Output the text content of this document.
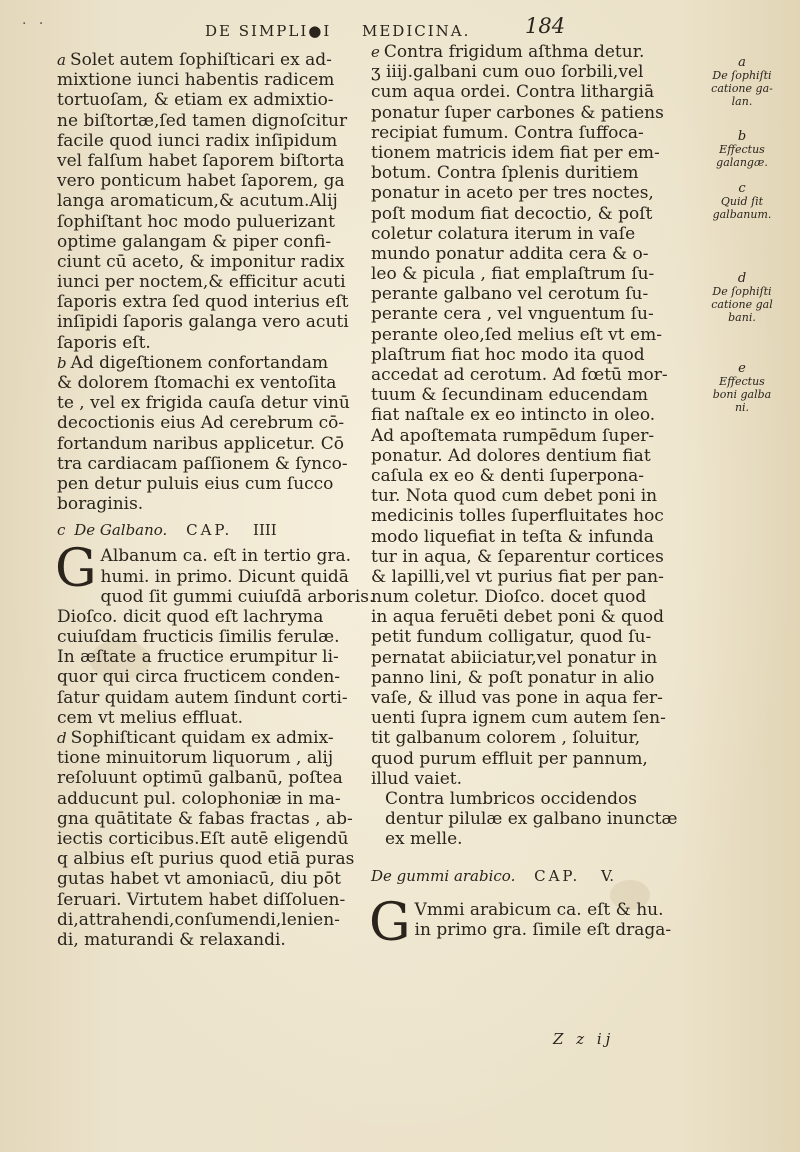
· ·	DE SIMPLI●I MEDICINA.	184

a Solet autem ſophiſticari ex ad-
mixtione iunci habentis radicem
tortuoſam, & etiam ex admixtio-
ne biſtortæ,ſed tamen dignoſcitur
facile quod iunci radix inſipidum
vel falſum habet ſaporem biſtorta
vero ponticum habet ſaporem, ga
langa aromaticum,& acutum.Alij
ſophiſtant hoc modo puluerizant
optime galangam & piper confi-
ciunt cū aceto, & imponitur radix
iunci per noctem,& efficitur acuti
ſaporis extra ſed quod interius eſt
inſipidi ſaporis galanga vero acuti
ſaporis eſt.

b Ad digeſtionem confortandam
& dolorem ſtomachi ex ventoſita
te , vel ex frigida cauſa detur vinū
decoctionis eius Ad cerebrum cō-
fortandum naribus applicetur. Cō
tra cardiacam paſſionem & ſynco-
pen detur puluis eius cum ſucco
boraginis.

c De Galbano. CAP. IIII

G Albanum ca. eſt in tertio gra.
humi. in primo. Dicunt quidā
quod ſit gummi cuiuſdā arboris.
Dioſco. dicit quod eſt lachryma
cuiuſdam fructicis ſimilis ferulæ.
In æſtate a fructice erumpitur li-
quor qui circa fructicem conden-
ſatur quidam autem ſindunt corti-
cem vt melius effluat.

d Sophiſticant quidam ex admix-
tione minuitorum liquorum , alij
reſoluunt optimū galbanū, poſtea
adducunt pul. colophoniæ in ma-
gna quātitate & fabas fractas , ab-
iectis corticibus.Eſt autē eligendū
q albius eſt purius quod etiā puras
gutas habet vt amoniacū, diu pōt
ſeruari. Virtutem habet diſſoluen-
di,attrahendi,conſumendi,lenien-
di, maturandi & relaxandi.

e Contra frigidum aſthma detur.
ʒ iiij.galbani cum ouo ſorbili,vel
cum aqua ordei. Contra lithargiā
ponatur ſuper carbones & patiens
recipiat fumum. Contra ſuffoca-
tionem matricis idem fiat per em-
botum. Contra ſplenis duritiem
ponatur in aceto per tres noctes,
poſt modum fiat decoctio, & poſt
coletur colatura iterum in vaſe
mundo ponatur addita cera & o-
leo & picula , fiat emplaſtrum ſu-
perante galbano vel cerotum ſu-
perante cera , vel vnguentum ſu-
perante oleo,ſed melius eſt vt em-
plaſtrum fiat hoc modo ita quod
accedat ad cerotum. Ad fœtū mor-
tuum & ſecundinam educendam
fiat naſtale ex eo intincto in oleo.
Ad apoſtemata rumpēdum ſuper-
ponatur. Ad dolores dentium fiat
caſula ex eo & denti ſuperpona-
tur. Nota quod cum debet poni in
medicinis tolles ſuperfluitates hoc
modo liquefiat in teſta & infunda
tur in aqua, & ſeparentur cortices
& lapilli,vel vt purius fiat per pan-
num coletur. Dioſco. docet quod
in aqua feruēti debet poni & quod
petit fundum colligatur, quod ſu-
pernatat abiiciatur,vel ponatur in
panno lini, & poſt ponatur in alio
vaſe, & illud vas pone in aqua fer-
uenti ſupra ignem cum autem ſen-
tit galbanum colorem , ſoluitur,
quod purum effluit per pannum,
illud vaiet.

Contra lumbricos occidendos
dentur pilulæ ex galbano inunctæ
ex melle.

De gummi arabico. CAP. V.

G Vmmi arabicum ca. eſt & hu.
in primo gra. ſimile eſt draga-

a
De ſophiſti catione ga- lan.
b
Effectus galangæ.
c
Quid ſit galbanum.
d
De ſophiſti catione gal bani.
e
Effectus boni galba ni.
Z z ij
